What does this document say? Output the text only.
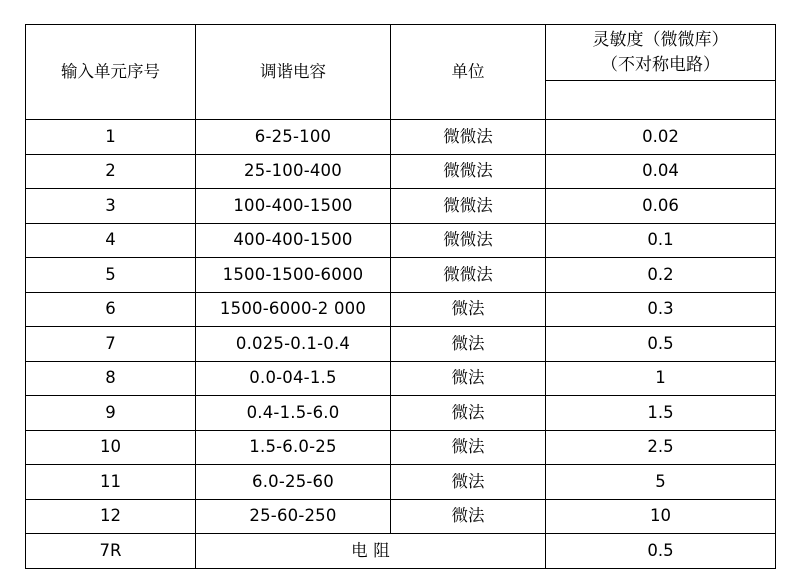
输入单元序号	调谐电容	单位	灵敏度（微微库）
（不对称电路）

1	6-25-100	微微法	0.02
2	25-100-400	微微法	0.04
3	100-400-1500	微微法	0.06
4	400-400-1500	微微法	0.1
5	1500-1500-6000	微微法	0.2
6	1500-6000-2 000	微法	0.3
7	0.025-0.1-0.4	微法	0.5
8	0.0-04-1.5	微法	1
9	0.4-1.5-6.0	微法	1.5
10	1.5-6.0-25	微法	2.5
11	6.0-25-60	微法	5
12	25-60-250	微法	10
7R	电 阻		0.5
